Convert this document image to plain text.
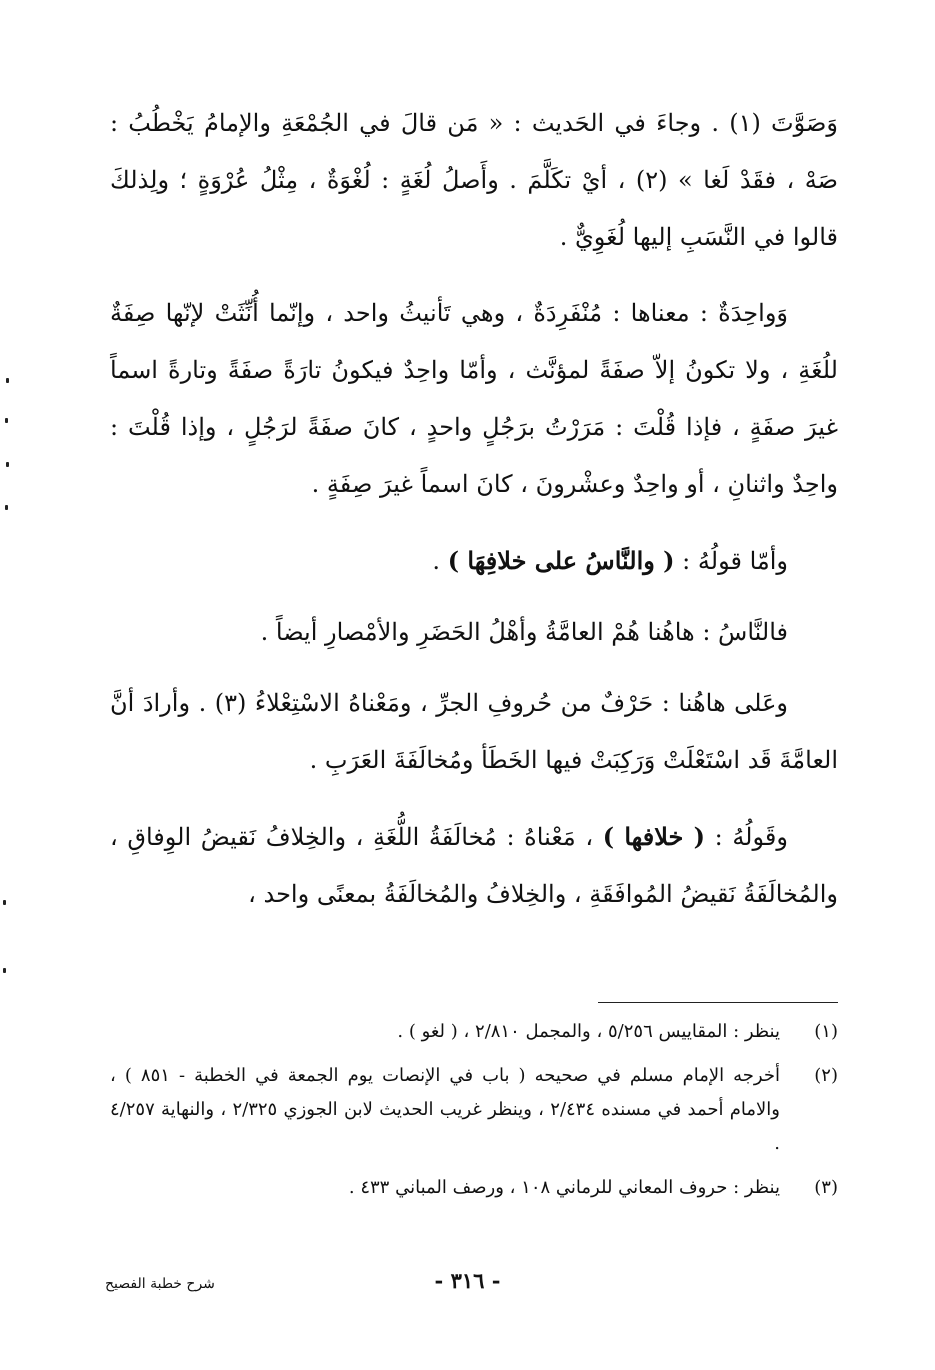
وَصَوَّتَ (١) . وجاءَ في الحَديث : « مَن قالَ في الجُمْعَةِ والإمامُ يَخْطُبُ : صَهْ ، فقَدْ لَغا » (٢) ، أيْ تكَلَّمَ . وأَصلُ لُغَةٍ : لُغْوَةٌ ، مِثْلُ عُرْوَةٍ ؛ ولِذلكَ قالوا في النَّسَبِ إليها لُغَوِيٌّ .

وَواحِدَةٌ : معناها : مُنْفَرِدَةٌ ، وهي تَأنيثُ واحد ، وإنّما أُنِّثَتْ لإنّها صِفَةٌ للُغَةِ ، ولا تكونُ إلاّ صفَةً لمؤنَّث ، وأمّا واحِدٌ فيكونُ تارَةً صفَةً وتارةً اسماً غيرَ صفَةٍ ، فإذا قُلْتَ : مَرَرْتُ برَجُلٍ واحدٍ ، كانَ صفَةً لرَجُلٍ ، وإذا قُلْتَ : واحِدٌ واثنانِ ، أو واحِدٌ وعشْرونَ ، كانَ اسماً غيرَ صِفَةٍ .

وأمّا قولُهُ : ( والنَّاسُ على خلافِهَا ) .

فالنَّاسُ : هاهُنا هُمْ العامَّةُ وأهْلُ الحَضَرِ والأمْصارِ أيضاً .

وعَلى هاهُنا : حَرْفٌ من حُروفِ الجرِّ ، ومَعْناهُ الاسْتِعْلاءُ (٣) . وأرادَ أنَّ العامَّةَ قَد اسْتَعْلَتْ وَرَكِبَتْ فيها الخَطَأ ومُخالَفَةَ العَرَبِ .

وقَولُهُ : ( خلافها ) ، مَعْناهُ : مُخالَفَةُ اللُّغَةِ ، والخِلافُ نَقيضُ الوِفاقِ ، والمُخالَفَةُ نَقيضُ المُوافَقَةِ ، والخِلافُ والمُخالَفَةُ بمعنًى واحد ،

(١)
ينظر : المقاييس ٥/٢٥٦ ، والمجمل ٢/٨١٠ ، ( لغو ) .
(٢)
أخرجه الإمام مسلم في صحيحه ( باب في الإنصات يوم الجمعة في الخطبة - ٨٥١ ) ، والامام أحمد في مسنده ٢/٤٣٤ ، وينظر غريب الحديث لابن الجوزي ٢/٣٢٥ ، والنهاية ٤/٢٥٧ .
(٣)
ينظر : حروف المعاني للرماني ١٠٨ ، ورصف المباني ٤٣٣ .
- ٣١٦ -
شرح خطبة الفصيح
